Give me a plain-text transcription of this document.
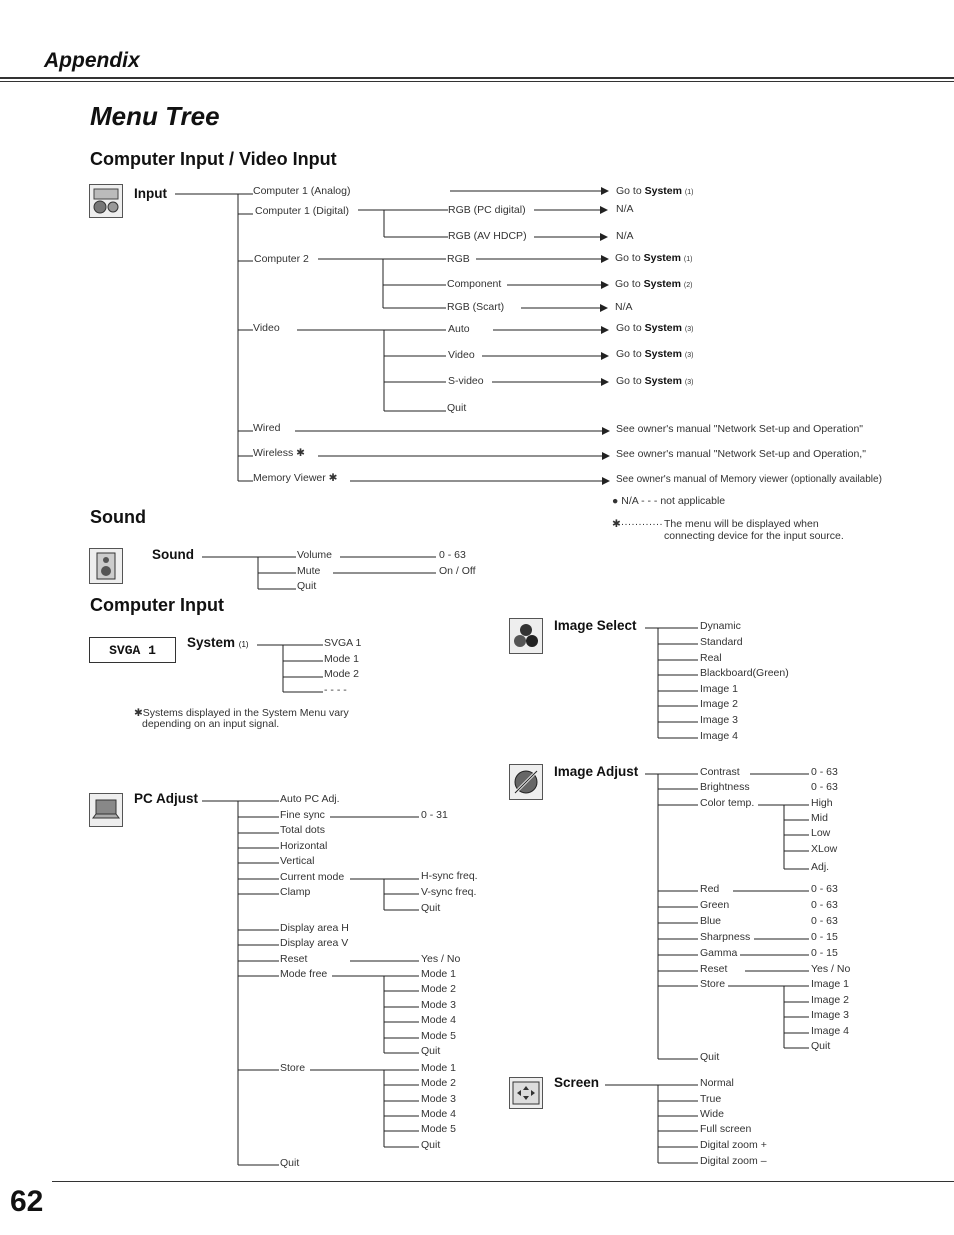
Appendix
Menu Tree
Computer Input / Video Input
Sound
Computer Input
SVGA 1
Input	Computer 1 (Analog)
Computer 1 (Digital)
Computer 2
Video
Wired
Wireless ✱
Memory Viewer ✱
RGB (PC digital)
RGB (AV HDCP)
RGB
Component
RGB (Scart)
Auto
Video
S-video
Quit
Go to System (1)
N/A
N/A
Go to System (1)
Go to System (2)
N/A
Go to System (3)
Go to System (3)
Go to System (3)
See owner's manual "Network Set-up and Operation"
See owner's manual "Network Set-up and Operation,"
See owner's manual of Memory viewer (optionally available)
● N/A - - - not applicable
✱············ The menu will be displayed when
connecting device for the input source.
Sound	Volume
Mute
Quit
0 - 63
On / Off
System (1)	SVGA 1
Mode 1
Mode 2
- - - -
✱Systems displayed in the System Menu vary
depending on an input signal.
PC Adjust	Auto PC Adj.
Fine sync
Total dots
Horizontal
Vertical
Current mode
Clamp
Display area H
Display area V
Reset
Mode free
Store
Quit
0 - 31
H-sync freq.
V-sync freq.
Quit
Yes / No
Mode 1
Mode 2
Mode 3
Mode 4
Mode 5
Quit
Mode 1
Mode 2
Mode 3
Mode 4
Mode 5
Quit
Image Select	Dynamic
Standard
Real
Blackboard(Green)
Image 1
Image 2
Image 3
Image 4
Image Adjust	Contrast
Brightness
Color temp.
Red
Green
Blue
Sharpness
Gamma
Reset
Store
Quit
0 - 63
0 - 63
High
Mid
Low
XLow
Adj.
0 - 63
0 - 63
0 - 63
0 - 15
0 - 15
Yes / No
Image 1
Image 2
Image 3
Image 4
Quit
Screen	Normal
True
Wide
Full screen
Digital zoom +
Digital zoom –
62
